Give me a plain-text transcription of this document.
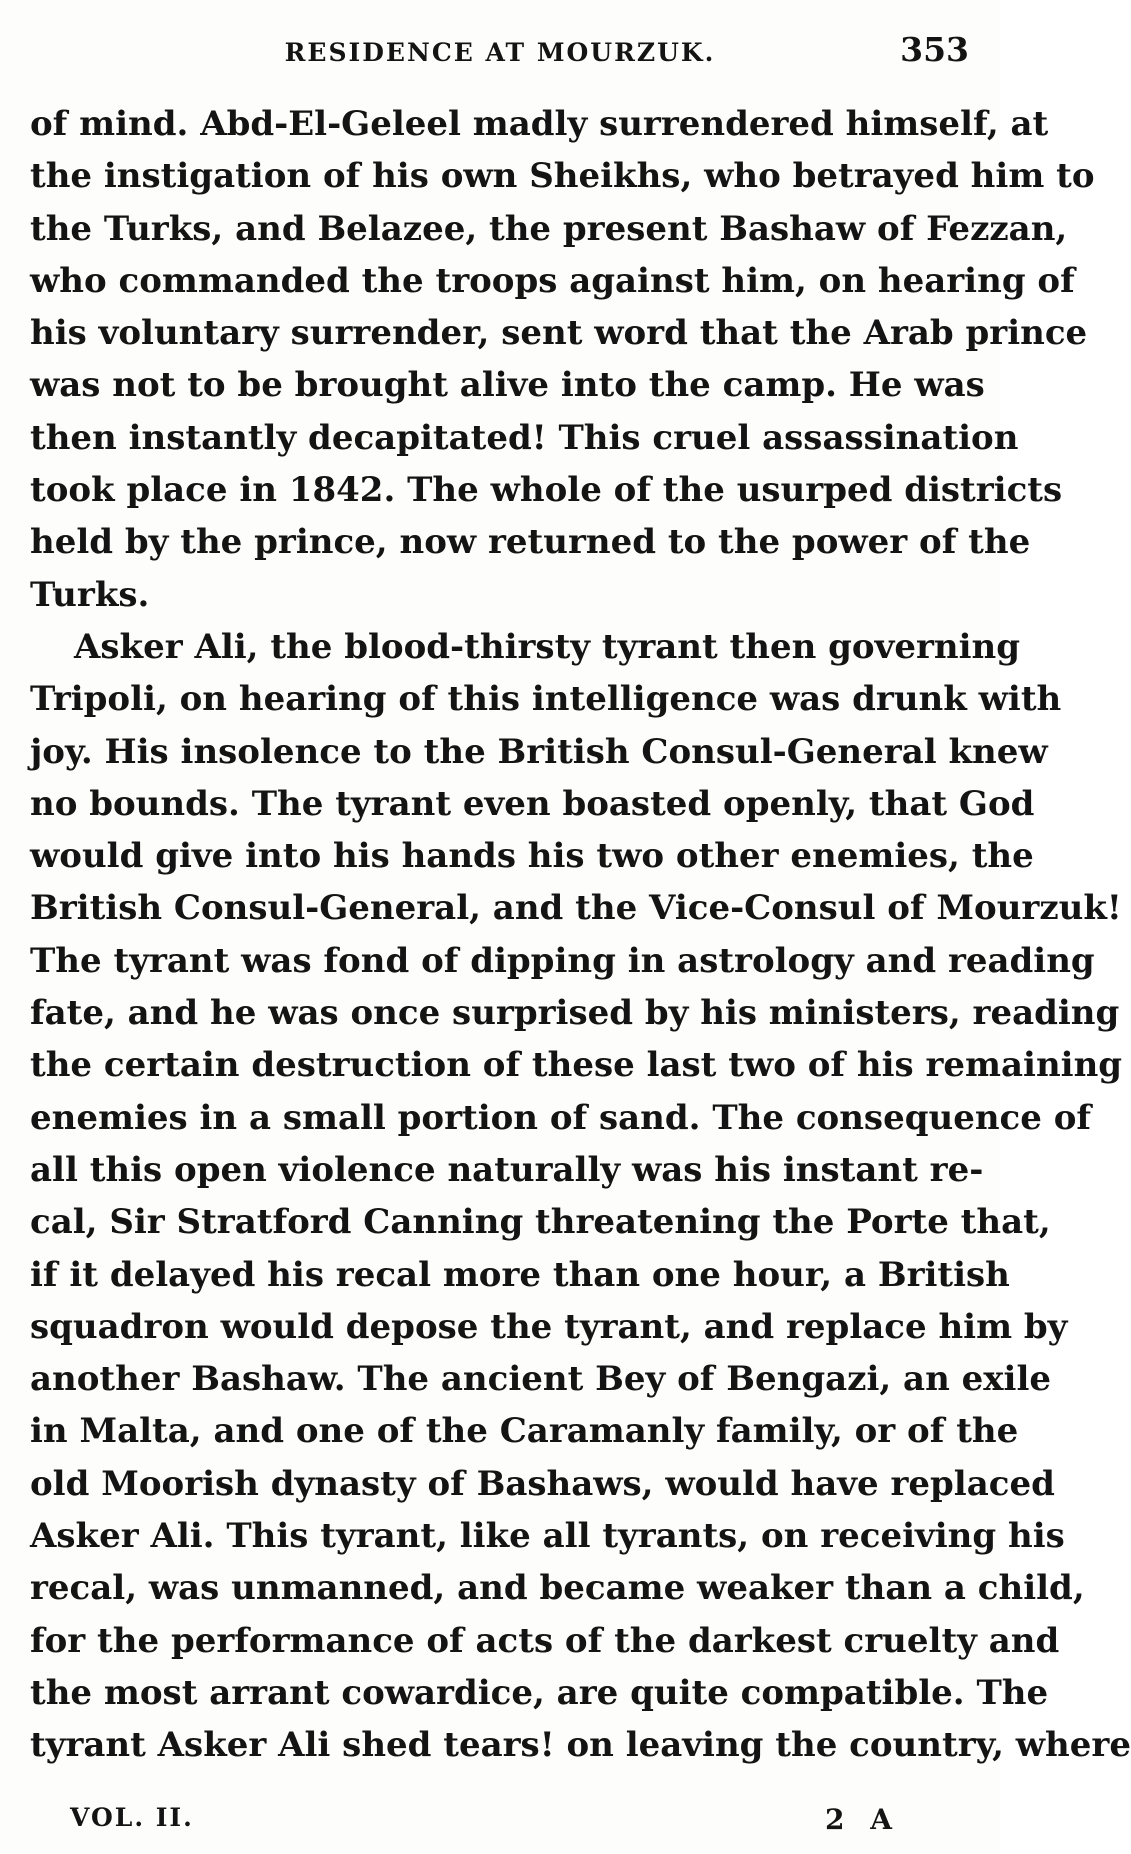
RESIDENCE AT MOURZUK.	353
of mind. Abd-El-Geleel madly surrendered himself, at
the instigation of his own Sheikhs, who betrayed him to
the Turks, and Belazee, the present Bashaw of Fezzan,
who commanded the troops against him, on hearing of
his voluntary surrender, sent word that the Arab prince
was not to be brought alive into the camp. He was
then instantly decapitated! This cruel assassination
took place in 1842. The whole of the usurped districts
held by the prince, now returned to the power of the
Turks.
Asker Ali, the blood-thirsty tyrant then governing
Tripoli, on hearing of this intelligence was drunk with
joy. His insolence to the British Consul-General knew
no bounds. The tyrant even boasted openly, that God
would give into his hands his two other enemies, the
British Consul-General, and the Vice-Consul of Mourzuk!
The tyrant was fond of dipping in astrology and reading
fate, and he was once surprised by his ministers, reading
the certain destruction of these last two of his remaining
enemies in a small portion of sand. The consequence of
all this open violence naturally was his instant re-
cal, Sir Stratford Canning threatening the Porte that,
if it delayed his recal more than one hour, a British
squadron would depose the tyrant, and replace him by
another Bashaw. The ancient Bey of Bengazi, an exile
in Malta, and one of the Caramanly family, or of the
old Moorish dynasty of Bashaws, would have replaced
Asker Ali. This tyrant, like all tyrants, on receiving his
recal, was unmanned, and became weaker than a child,
for the performance of acts of the darkest cruelty and
the most arrant cowardice, are quite compatible. The
tyrant Asker Ali shed tears! on leaving the country, where
VOL. II.	2 A
